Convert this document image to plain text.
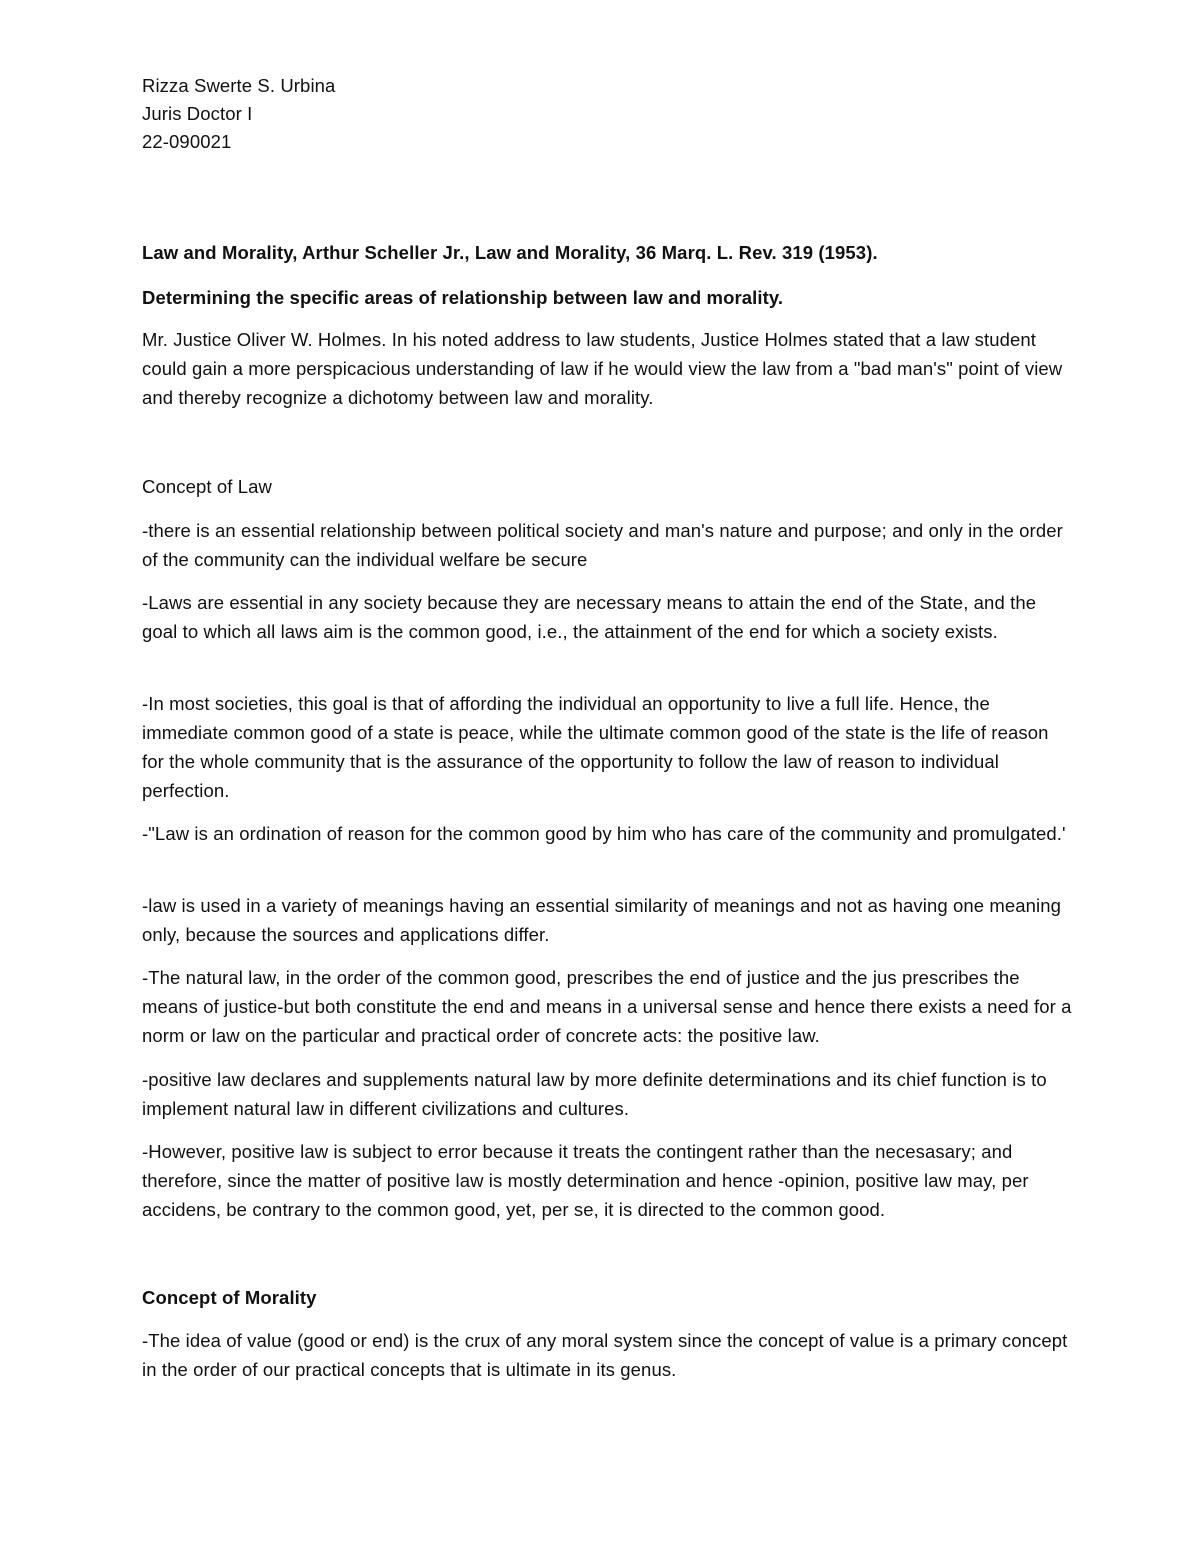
Rizza Swerte S. Urbina

Juris Doctor I

22-090021

Law and Morality, Arthur Scheller Jr., Law and Morality, 36 Marq. L. Rev. 319 (1953).

Determining the specific areas of relationship between law and morality.

Mr. Justice Oliver W. Holmes. In his noted address to law students, Justice Holmes stated that a law student could gain a more perspicacious understanding of law if he would view the law from a "bad man's" point of view and thereby recognize a dichotomy between law and morality.

Concept of Law

-there is an essential relationship between political society and man's nature and purpose; and only in the order of the community can the individual welfare be secure

-Laws are essential in any society because they are necessary means to attain the end of the State, and the goal to which all laws aim is the common good, i.e., the attainment of the end for which a society exists.

-In most societies, this goal is that of affording the individual an opportunity to live a full life. Hence, the immediate common good of a state is peace, while the ultimate common good of the state is the life of reason for the whole community that is the assurance of the opportunity to follow the law of reason to individual perfection.

-"Law is an ordination of reason for the common good by him who has care of the community and promulgated.'

-law is used in a variety of meanings having an essential similarity of meanings and not as having one meaning only, because the sources and applications differ.

-The natural law, in the order of the common good, prescribes the end of justice and the jus prescribes the means of justice-but both constitute the end and means in a universal sense and hence there exists a need for a norm or law on the particular and practical order of concrete acts: the positive law.

-positive law declares and supplements natural law by more definite determinations and its chief function is to implement natural law in different civilizations and cultures.

-However, positive law is subject to error because it treats the contingent rather than the necesasary; and therefore, since the matter of positive law is mostly determination and hence -opinion, positive law may, per accidens, be contrary to the common good, yet, per se, it is directed to the common good.

Concept of Morality

-The idea of value (good or end) is the crux of any moral system since the concept of value is a primary concept in the order of our practical concepts that is ultimate in its genus.
